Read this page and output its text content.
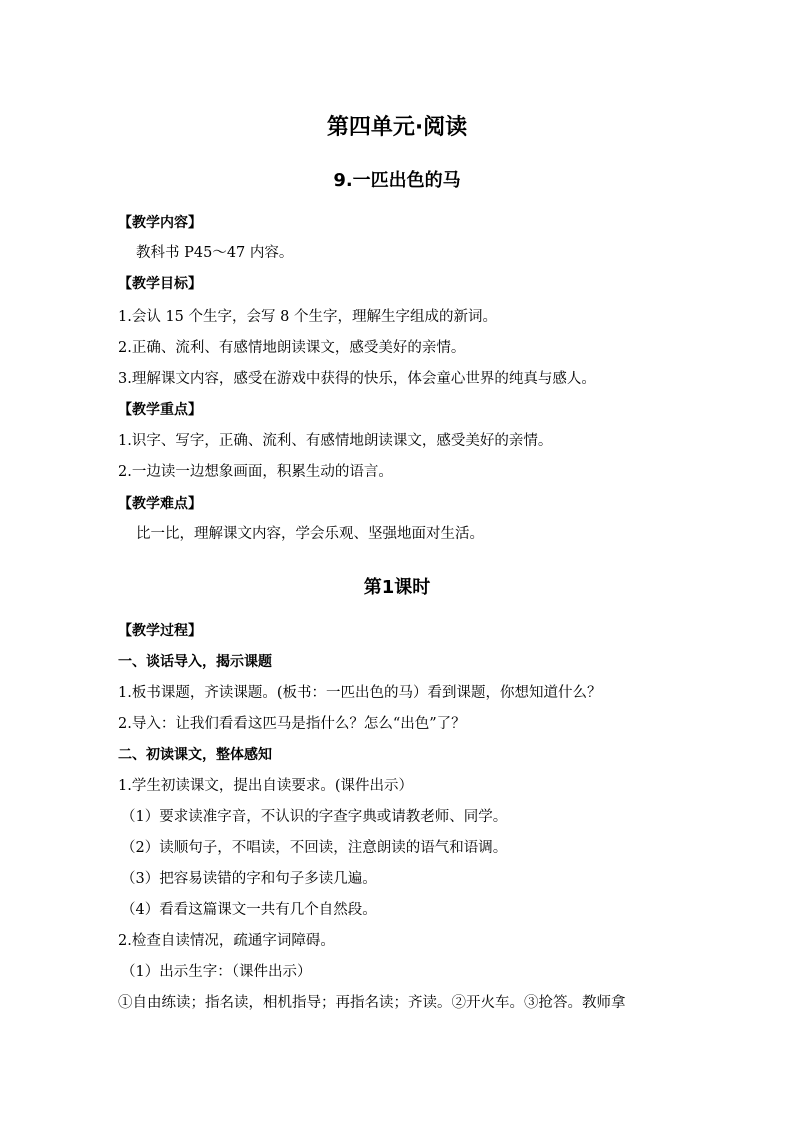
第四单元·阅读
9.一匹出色的马
【教学内容】
教科书 P45～47 内容。
【教学目标】
1.会认 15 个生字，会写 8 个生字，理解生字组成的新词。
2.正确、流利、有感情地朗读课文，感受美好的亲情。
3.理解课文内容，感受在游戏中获得的快乐，体会童心世界的纯真与感人。
【教学重点】
1.识字、写字，正确、流利、有感情地朗读课文，感受美好的亲情。
2.一边读一边想象画面，积累生动的语言。
【教学难点】
比一比，理解课文内容，学会乐观、坚强地面对生活。
第1课时
【教学过程】
一、谈话导入，揭示课题
1.板书课题，齐读课题。(板书：一匹出色的马）看到课题，你想知道什么？
2.导入：让我们看看这匹马是指什么？怎么“出色”了？
二、初读课文，整体感知
1.学生初读课文，提出自读要求。(课件出示）
（1）要求读准字音，不认识的字查字典或请教老师、同学。
（2）读顺句子，不唱读，不回读，注意朗读的语气和语调。
（3）把容易读错的字和句子多读几遍。
（4）看看这篇课文一共有几个自然段。
2.检查自读情况，疏通字词障碍。
（1）出示生字：（课件出示）
①自由练读；指名读，相机指导；再指名读；齐读。②开火车。③抢答。教师拿
